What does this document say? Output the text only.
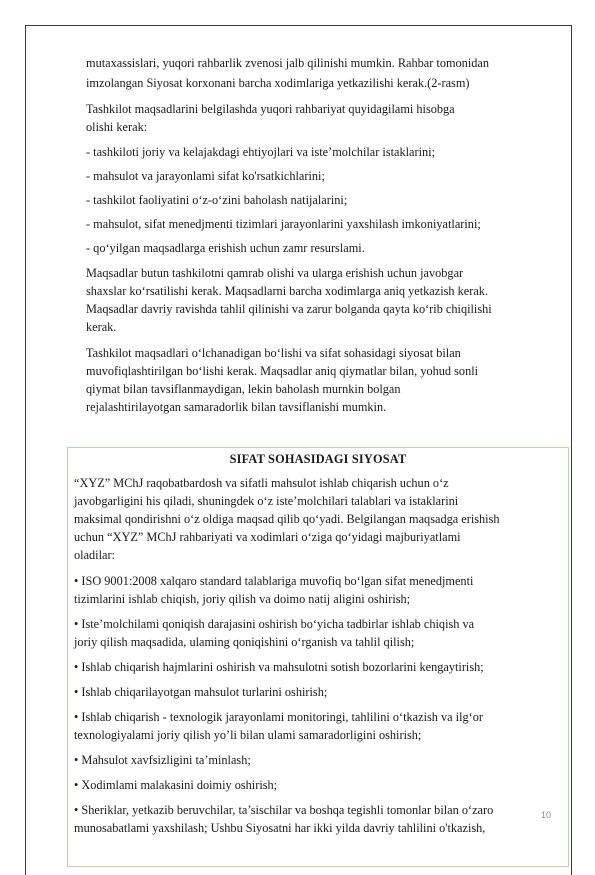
mutaxassislari, yuqori rahbarlik zvenosi jalb qilinishi mumkin. Rahbar tomonidan
imzolangan Siyosat korxonani barcha xodimlariga yetkazilishi kerak.(2-rasm)
Tashkilot maqsadlarini belgilashda yuqori rahbariyat quyidagilami hisobga
olishi kerak:
- tashkiloti joriy va kelajakdagi ehtiyojlari va iste’molchilar istaklarini;
- mahsulot va jarayonlami sifat ko'rsatkichlarini;
- tashkilot faoliyatini o‘z-o‘zini baholash natijalarini;
- mahsulot, sifat menedjmenti tizimlari jarayonlarini yaxshilash imkoniyatlarini;
- qo‘yilgan maqsadlarga erishish uchun zamr resurslami.
Maqsadlar butun tashkilotni qamrab olishi va ularga erishish uchun javobgar
shaxslar ko‘rsatilishi kerak. Maqsadlarni barcha xodimlarga aniq yetkazish kerak.
Maqsadlar davriy ravishda tahlil qilinishi va zarur bolganda qayta ko‘rib chiqilishi
kerak.
Tashkilot maqsadlari o‘lchanadigan bo‘lishi va sifat sohasidagi siyosat bilan
muvofiqlashtirilgan bo‘lishi kerak. Maqsadlar aniq qiymatlar bilan, yohud sonli
qiymat bilan tavsiflanmaydigan, lekin baholash murnkin bolgan
rejalashtirilayotgan samaradorlik bilan tavsiflanishi mumkin.
SIFAT SOHASIDAGI SIYOSAT
“XYZ” MChJ raqobatbardosh va sifatli mahsulot ishlab chiqarish uchun o‘z
javobgarligini his qiladi, shuningdek o‘z iste’molchilari talablari va istaklarini
maksimal qondirishni o‘z oldiga maqsad qilib qo‘yadi. Belgilangan maqsadga erishish
uchun “XYZ” MChJ rahbariyati va xodimlari o‘ziga qo‘yidagi majburiyatlami
oladilar:
• ISO 9001:2008 xalqaro standard talablariga muvofiq bo‘lgan sifat menedjmenti
tizimlarini ishlab chiqish, joriy qilish va doimo natij aligini oshirish;
• Iste’molchilami qoniqish darajasini oshirish bo‘yicha tadbirlar ishlab chiqish va
joriy qilish maqsadida, ulaming qoniqishini o‘rganish va tahlil qilish;
• Ishlab chiqarish hajmlarini oshirish va mahsulotni sotish bozorlarini kengaytirish;
• Ishlab chiqarilayotgan mahsulot turlarini oshirish;
• Ishlab chiqarish - texnologik jarayonlami monitoringi, tahlilini o‘tkazish va ilg‘or
texnologiyalami joriy qilish yo’li bilan ulami samaradorligini oshirish;
• Mahsulot xavfsizligini ta’minlash;
• Xodimlami malakasini doimiy oshirish;
• Sheriklar, yetkazib beruvchilar, ta’sischilar va boshqa tegishli tomonlar bilan o‘zaro
munosabatlami yaxshilash; Ushbu Siyosatni har ikki yilda davriy tahlilini o'tkazish,
10
